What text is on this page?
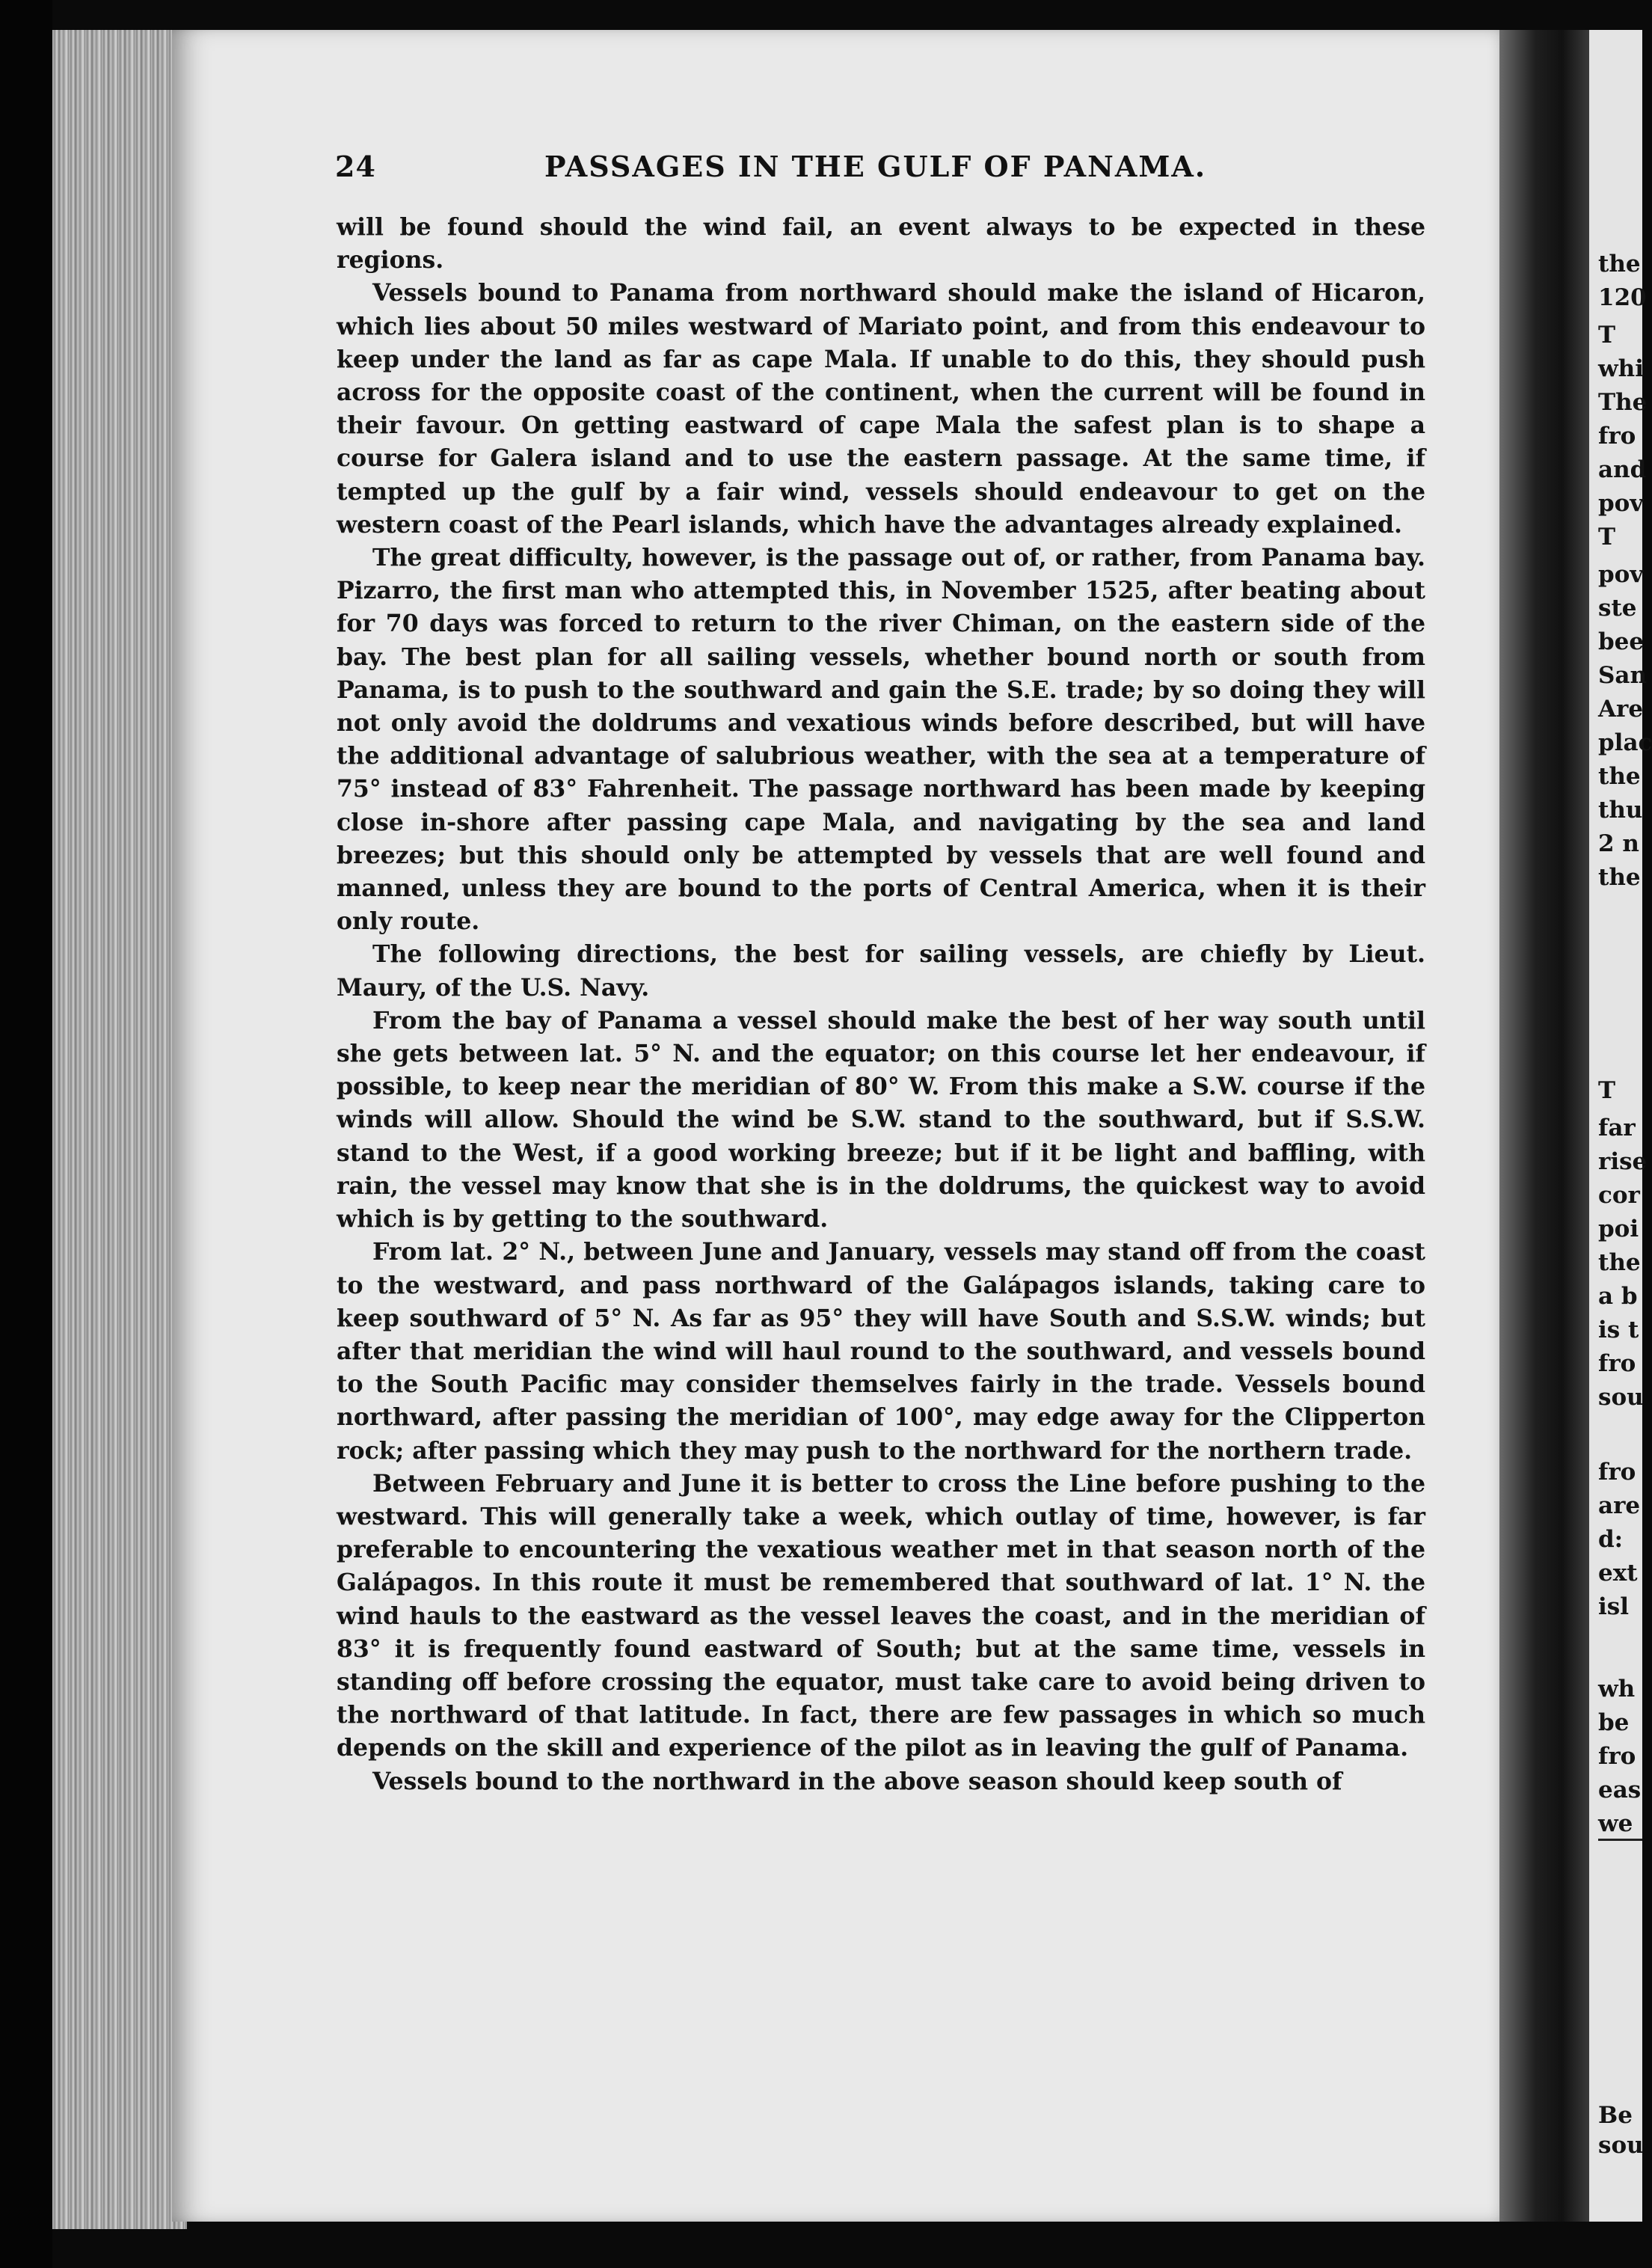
24	PASSAGES IN THE GULF OF PANAMA.

will be found should the wind fail, an event always to be expected in these regions.

Vessels bound to Panama from northward should make the island of Hicaron, which lies about 50 miles westward of Mariato point, and from this endeavour to keep under the land as far as cape Mala. If unable to do this, they should push across for the opposite coast of the continent, when the current will be found in their favour. On getting eastward of cape Mala the safest plan is to shape a course for Galera island and to use the eastern passage. At the same time, if tempted up the gulf by a fair wind, vessels should endeavour to get on the western coast of the Pearl islands, which have the advantages already explained.

The great difficulty, however, is the passage out of, or rather, from Panama bay. Pizarro, the first man who attempted this, in November 1525, after beating about for 70 days was forced to return to the river Chiman, on the eastern side of the bay. The best plan for all sailing vessels, whether bound north or south from Panama, is to push to the southward and gain the S.E. trade; by so doing they will not only avoid the doldrums and vexatious winds before described, but will have the additional advantage of salubrious weather, with the sea at a temperature of 75° instead of 83° Fahrenheit. The passage northward has been made by keeping close in-shore after passing cape Mala, and navigating by the sea and land breezes; but this should only be attempted by vessels that are well found and manned, unless they are bound to the ports of Central America, when it is their only route.

The following directions, the best for sailing vessels, are chiefly by Lieut. Maury, of the U.S. Navy.

From the bay of Panama a vessel should make the best of her way south until she gets between lat. 5° N. and the equator; on this course let her endeavour, if possible, to keep near the meridian of 80° W. From this make a S.W. course if the winds will allow. Should the wind be S.W. stand to the southward, but if S.S.W. stand to the West, if a good working breeze; but if it be light and baffling, with rain, the vessel may know that she is in the doldrums, the quickest way to avoid which is by getting to the southward.

From lat. 2° N., between June and January, vessels may stand off from the coast to the westward, and pass northward of the Galápagos islands, taking care to keep southward of 5° N. As far as 95° they will have South and S.S.W. winds; but after that meridian the wind will haul round to the southward, and vessels bound to the South Pacific may consider themselves fairly in the trade. Vessels bound northward, after passing the meridian of 100°, may edge away for the Clipperton rock; after passing which they may push to the northward for the northern trade.

Between February and June it is better to cross the Line before pushing to the westward. This will generally take a week, which outlay of time, however, is far preferable to encountering the vexatious weather met in that season north of the Galápagos. In this route it must be remembered that southward of lat. 1° N. the wind hauls to the eastward as the vessel leaves the coast, and in the meridian of 83° it is frequently found eastward of South; but at the same time, vessels in standing off before crossing the equator, must take care to avoid being driven to the northward of that latitude. In fact, there are few passages in which so much depends on the skill and experience of the pilot as in leaving the gulf of Panama.

Vessels bound to the northward in the above season should keep south of

the
120
T
whi
The
fro
and
pov
T
pov
ste
bee
San
Are
plac
the
thu
2 n
the
T
far
rise
cor
poi
the
a b
is t
fro
sou
fro
are
d:
ext
isl
wh
be
fro
eas
we
Be
sou
